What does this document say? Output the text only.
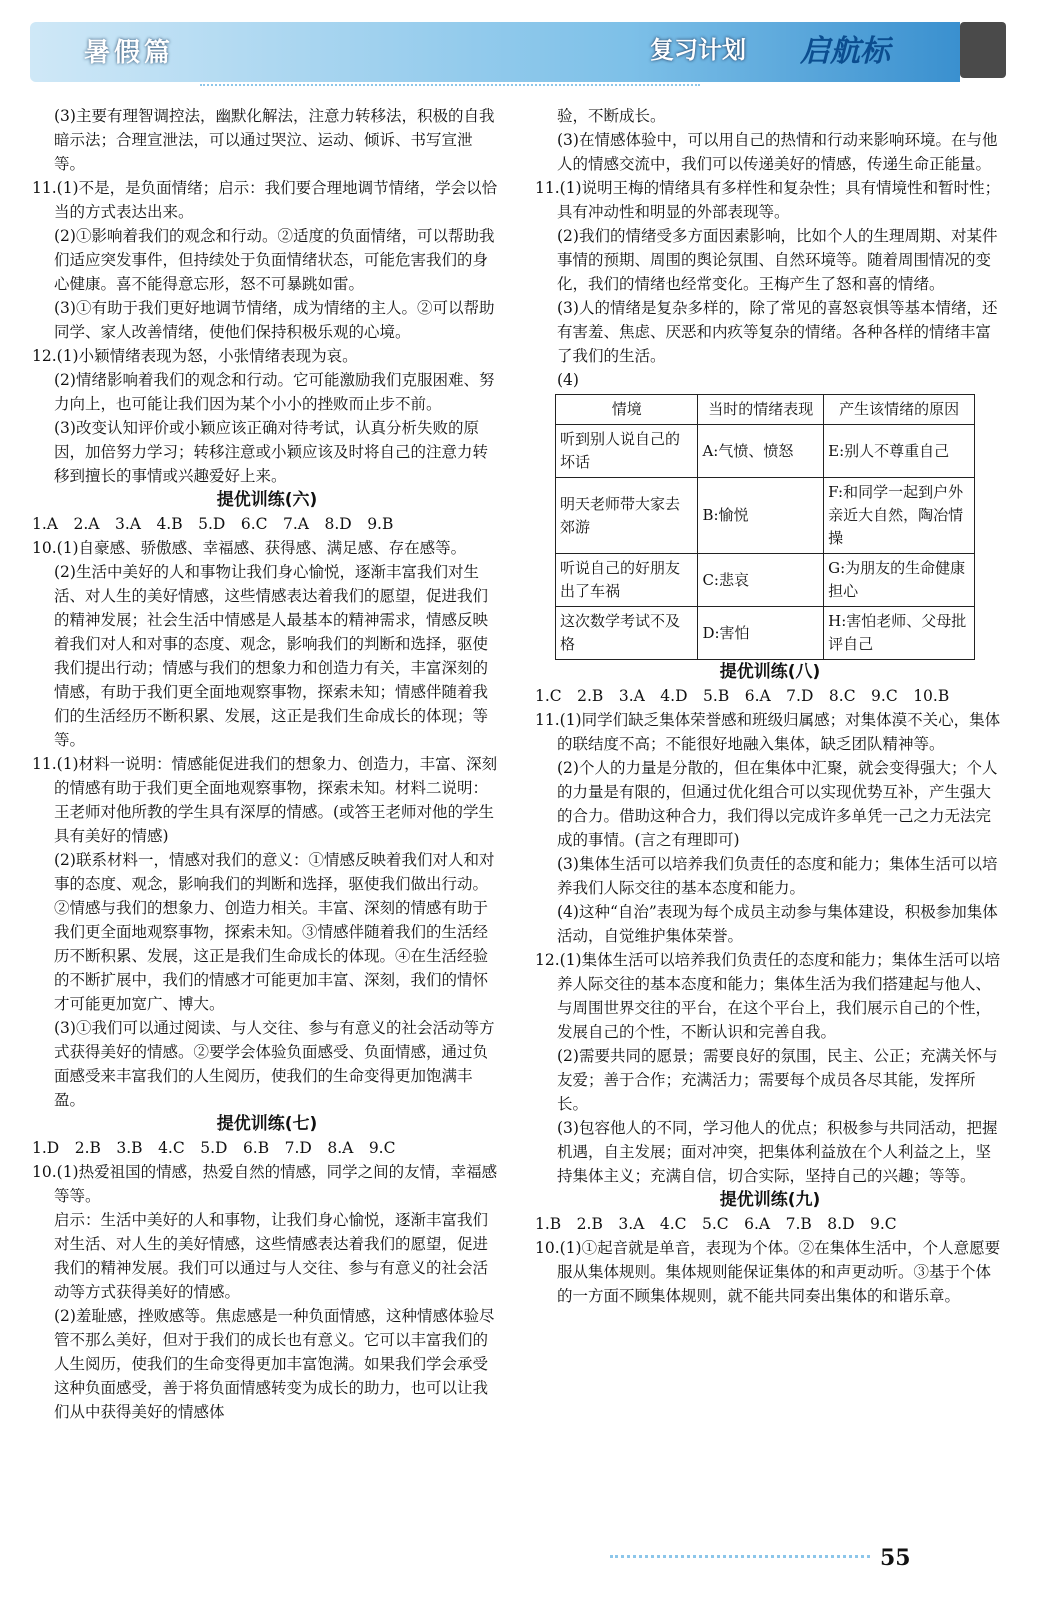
暑假篇	复习计划 启航标

(3)主要有理智调控法，幽默化解法，注意力转移法，积极的自我暗示法；合理宣泄法，可以通过哭泣、运动、倾诉、书写宣泄等。

11.(1)不是，是负面情绪；启示：我们要合理地调节情绪，学会以恰当的方式表达出来。

(2)①影响着我们的观念和行动。②适度的负面情绪，可以帮助我们适应突发事件，但持续处于负面情绪状态，可能危害我们的身心健康。喜不能得意忘形，怒不可暴跳如雷。

(3)①有助于我们更好地调节情绪，成为情绪的主人。②可以帮助同学、家人改善情绪，使他们保持积极乐观的心境。

12.(1)小颖情绪表现为怒，小张情绪表现为哀。

(2)情绪影响着我们的观念和行动。它可能激励我们克服困难、努力向上，也可能让我们因为某个小小的挫败而止步不前。

(3)改变认知评价或小颖应该正确对待考试，认真分析失败的原因，加倍努力学习；转移注意或小颖应该及时将自己的注意力转移到擅长的事情或兴趣爱好上来。

提优训练(六)

1.A　2.A　3.A　4.B　5.D　6.C　7.A　8.D　9.B

10.(1)自豪感、骄傲感、幸福感、获得感、满足感、存在感等。

(2)生活中美好的人和事物让我们身心愉悦，逐渐丰富我们对生活、对人生的美好情感，这些情感表达着我们的愿望，促进我们的精神发展；社会生活中情感是人最基本的精神需求，情感反映着我们对人和对事的态度、观念，影响我们的判断和选择，驱使我们提出行动；情感与我们的想象力和创造力有关，丰富深刻的情感，有助于我们更全面地观察事物，探索未知；情感伴随着我们的生活经历不断积累、发展，这正是我们生命成长的体现；等等。

11.(1)材料一说明：情感能促进我们的想象力、创造力，丰富、深刻的情感有助于我们更全面地观察事物，探索未知。材料二说明：王老师对他所教的学生具有深厚的情感。(或答王老师对他的学生具有美好的情感)

(2)联系材料一，情感对我们的意义：①情感反映着我们对人和对事的态度、观念，影响我们的判断和选择，驱使我们做出行动。②情感与我们的想象力、创造力相关。丰富、深刻的情感有助于我们更全面地观察事物，探索未知。③情感伴随着我们的生活经历不断积累、发展，这正是我们生命成长的体现。④在生活经验的不断扩展中，我们的情感才可能更加丰富、深刻，我们的情怀才可能更加宽广、博大。

(3)①我们可以通过阅读、与人交往、参与有意义的社会活动等方式获得美好的情感。②要学会体验负面感受、负面情感，通过负面感受来丰富我们的人生阅历，使我们的生命变得更加饱满丰盈。

提优训练(七)

1.D　2.B　3.B　4.C　5.D　6.B　7.D　8.A　9.C

10.(1)热爱祖国的情感，热爱自然的情感，同学之间的友情，幸福感等等。

启示：生活中美好的人和事物，让我们身心愉悦，逐渐丰富我们对生活、对人生的美好情感，这些情感表达着我们的愿望，促进我们的精神发展。我们可以通过与人交往、参与有意义的社会活动等方式获得美好的情感。

(2)羞耻感，挫败感等。焦虑感是一种负面情感，这种情感体验尽管不那么美好，但对于我们的成长也有意义。它可以丰富我们的人生阅历，使我们的生命变得更加丰富饱满。如果我们学会承受这种负面感受，善于将负面情感转变为成长的助力，也可以让我们从中获得美好的情感体

验，不断成长。

(3)在情感体验中，可以用自己的热情和行动来影响环境。在与他人的情感交流中，我们可以传递美好的情感，传递生命正能量。

11.(1)说明王梅的情绪具有多样性和复杂性；具有情境性和暂时性；具有冲动性和明显的外部表现等。

(2)我们的情绪受多方面因素影响，比如个人的生理周期、对某件事情的预期、周围的舆论氛围、自然环境等。随着周围情况的变化，我们的情绪也经常变化。王梅产生了怒和喜的情绪。

(3)人的情绪是复杂多样的，除了常见的喜怒哀惧等基本情绪，还有害羞、焦虑、厌恶和内疚等复杂的情绪。各种各样的情绪丰富了我们的生活。

(4)

情境	当时的情绪表现	产生该情绪的原因
听到别人说自己的坏话	A:气愤、愤怒	E:别人不尊重自己
明天老师带大家去郊游	B:愉悦	F:和同学一起到户外亲近大自然，陶冶情操
听说自己的好朋友出了车祸	C:悲哀	G:为朋友的生命健康担心
这次数学考试不及格	D:害怕	H:害怕老师、父母批评自己

提优训练(八)

1.C　2.B　3.A　4.D　5.B　6.A　7.D　8.C　9.C　10.B

11.(1)同学们缺乏集体荣誉感和班级归属感；对集体漠不关心，集体的联结度不高；不能很好地融入集体，缺乏团队精神等。

(2)个人的力量是分散的，但在集体中汇聚，就会变得强大；个人的力量是有限的，但通过优化组合可以实现优势互补，产生强大的合力。借助这种合力，我们得以完成许多单凭一己之力无法完成的事情。(言之有理即可)

(3)集体生活可以培养我们负责任的态度和能力；集体生活可以培养我们人际交往的基本态度和能力。

(4)这种“自治”表现为每个成员主动参与集体建设，积极参加集体活动，自觉维护集体荣誉。

12.(1)集体生活可以培养我们负责任的态度和能力；集体生活可以培养人际交往的基本态度和能力；集体生活为我们搭建起与他人、与周围世界交往的平台，在这个平台上，我们展示自己的个性，发展自己的个性，不断认识和完善自我。

(2)需要共同的愿景；需要良好的氛围，民主、公正；充满关怀与友爱；善于合作；充满活力；需要每个成员各尽其能，发挥所长。

(3)包容他人的不同，学习他人的优点；积极参与共同活动，把握机遇，自主发展；面对冲突，把集体利益放在个人利益之上，坚持集体主义；充满自信，切合实际，坚持自己的兴趣；等等。

提优训练(九)

1.B　2.B　3.A　4.C　5.C　6.A　7.B　8.D　9.C

10.(1)①起音就是单音，表现为个体。②在集体生活中，个人意愿要服从集体规则。集体规则能保证集体的和声更动听。③基于个体的一方面不顾集体规则，就不能共同奏出集体的和谐乐章。

55
